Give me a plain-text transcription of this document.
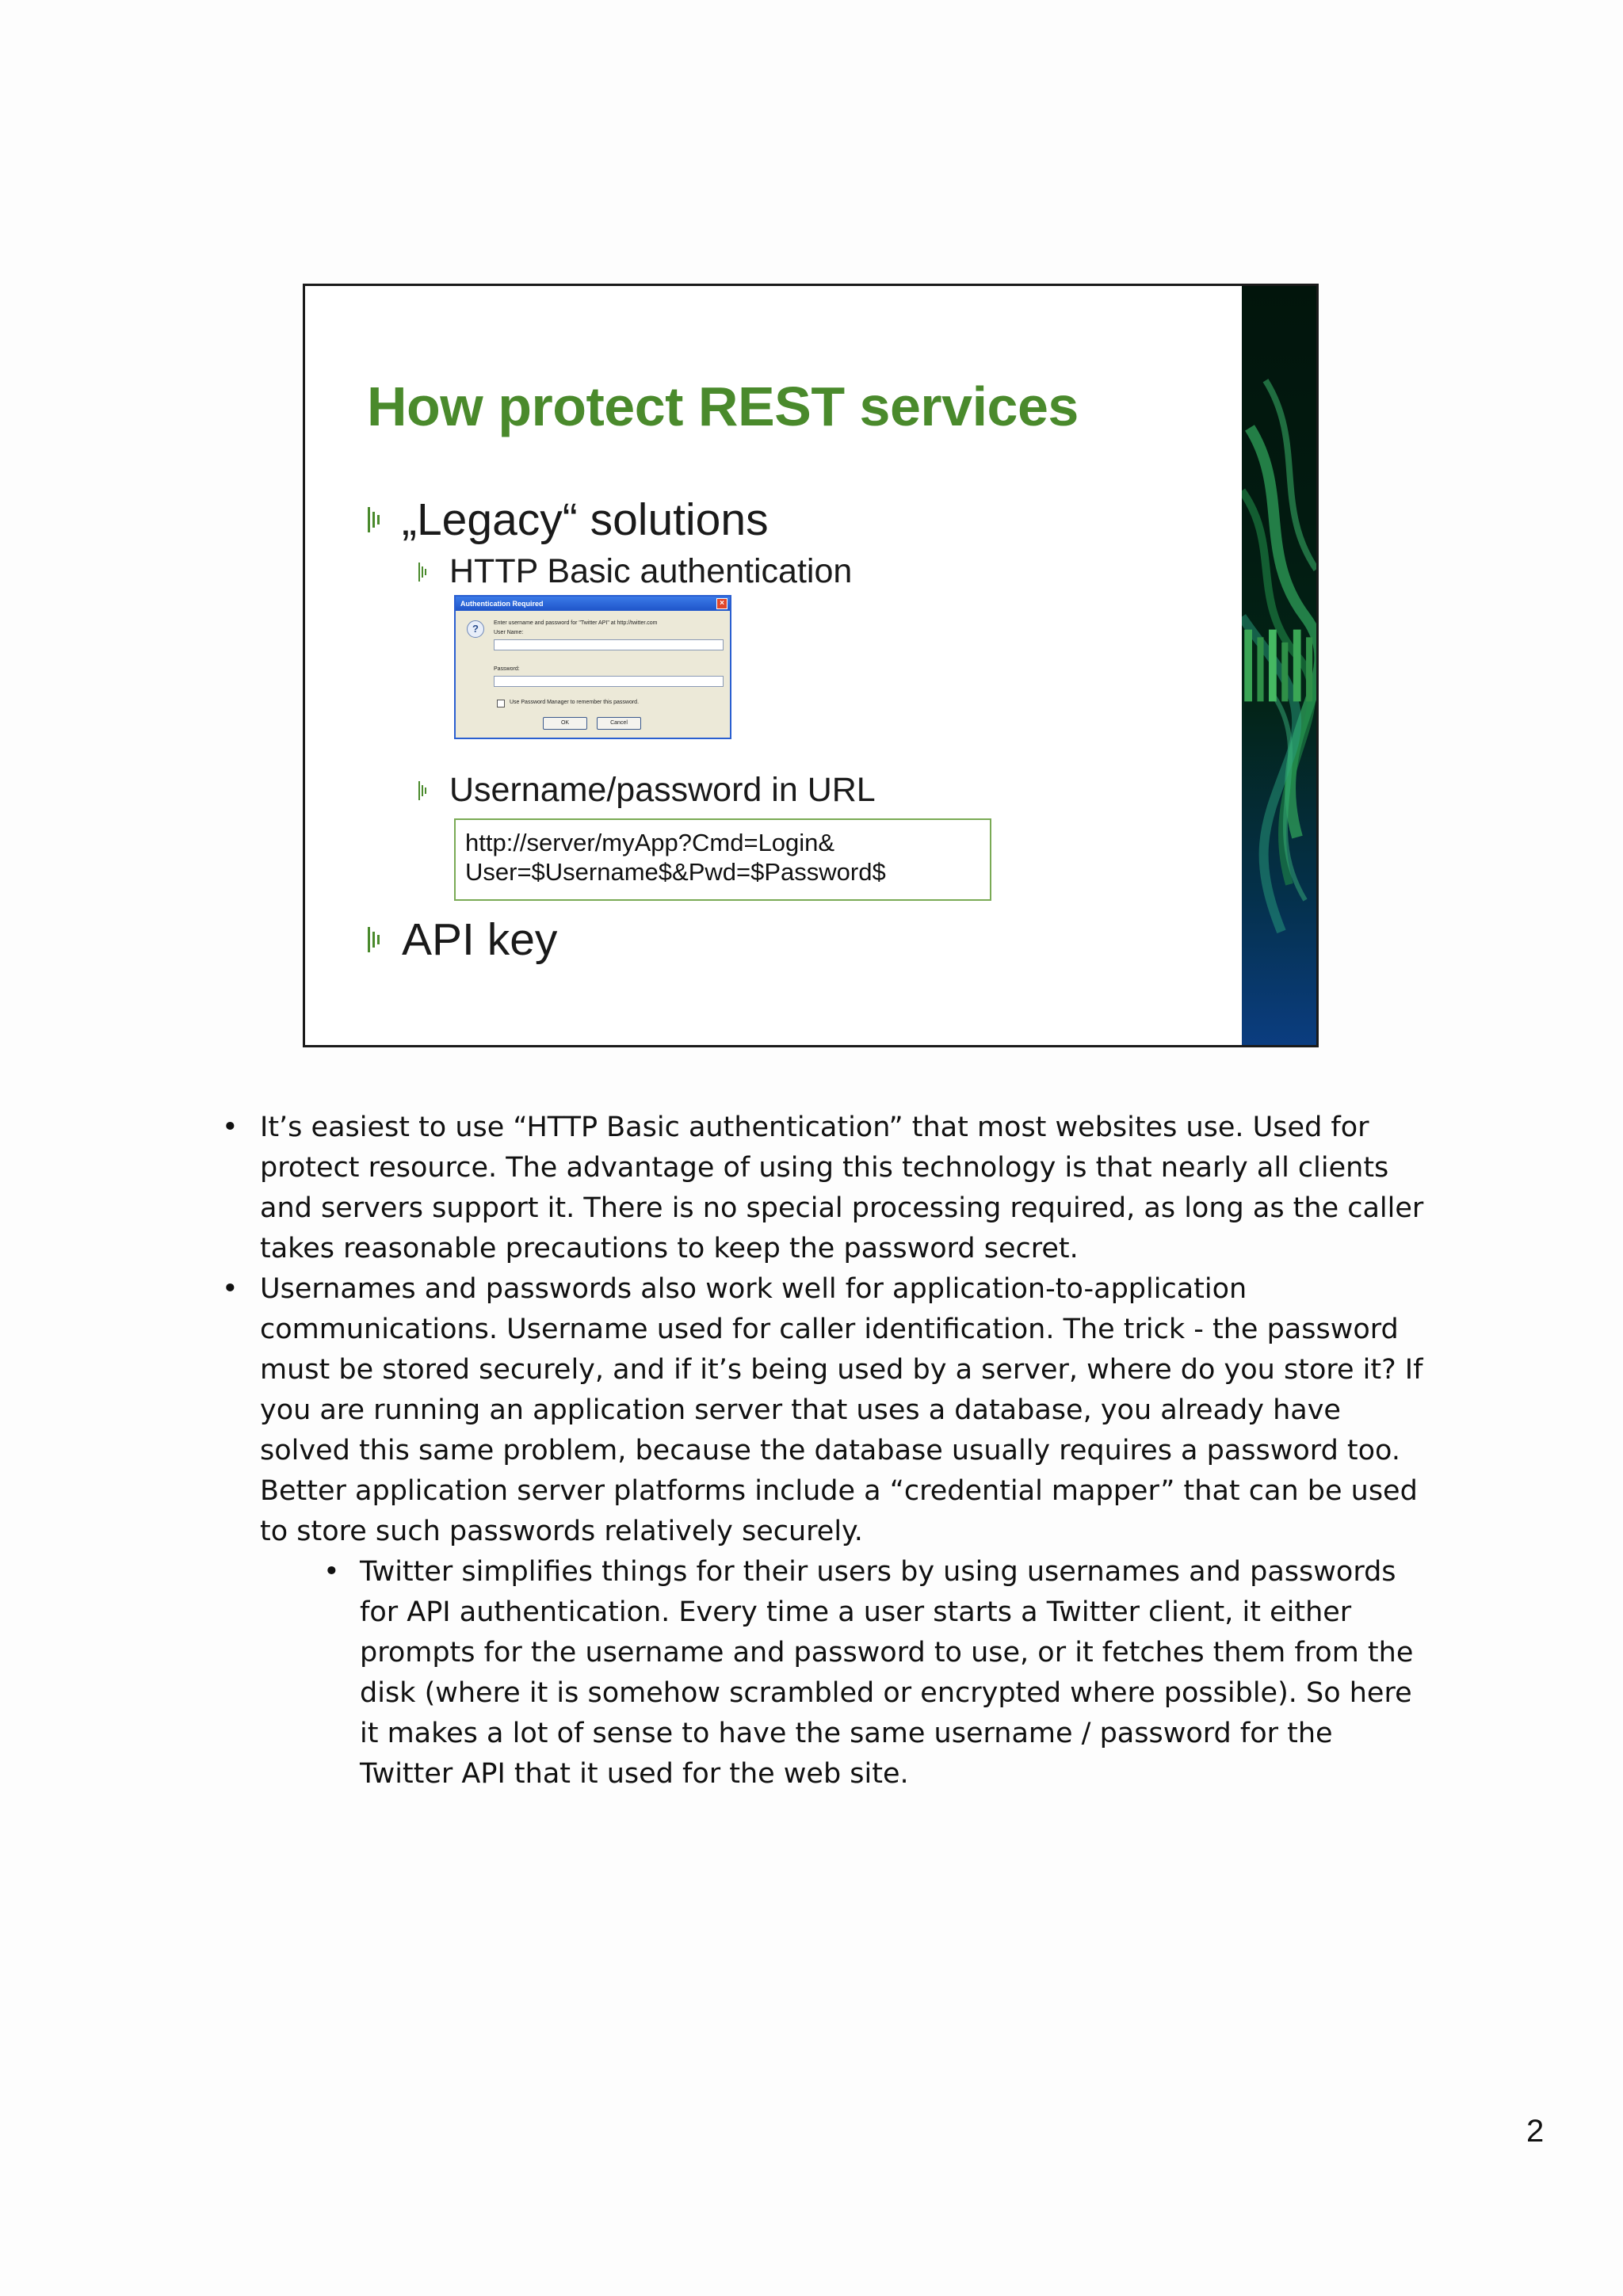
How protect REST services
„Legacy“ solutions
HTTP Basic authentication
Authentication Required	×
?	Enter username and password for "Twitter API" at http://twitter.com
User Name:
Password:
Use Password Manager to remember this password.
OK	Cancel
Username/password in URL
http://server/myApp?Cmd=Login&
User=$Username$&Pwd=$Password$
API key
• It’s easiest to use “HTTP Basic authentication” that most websites use. Used for protect resource. The advantage of using this technology is that nearly all clients and servers support it. There is no special processing required, as long as the caller takes reasonable precautions to keep the password secret.
• Usernames and passwords also work well for application-to-application communications. Username used for caller identification. The trick - the password must be stored securely, and if it’s being used by a server, where do you store it? If you are running an application server that uses a database, you already have solved this same problem, because the database usually requires a password too. Better application server platforms include a “credential mapper” that can be used to store such passwords relatively securely.
• Twitter simplifies things for their users by using usernames and passwords for API authentication. Every time a user starts a Twitter client, it either prompts for the username and password to use, or it fetches them from the disk (where it is somehow scrambled or encrypted where possible). So here it makes a lot of sense to have the same username / password for the Twitter API that it used for the web site.
2
